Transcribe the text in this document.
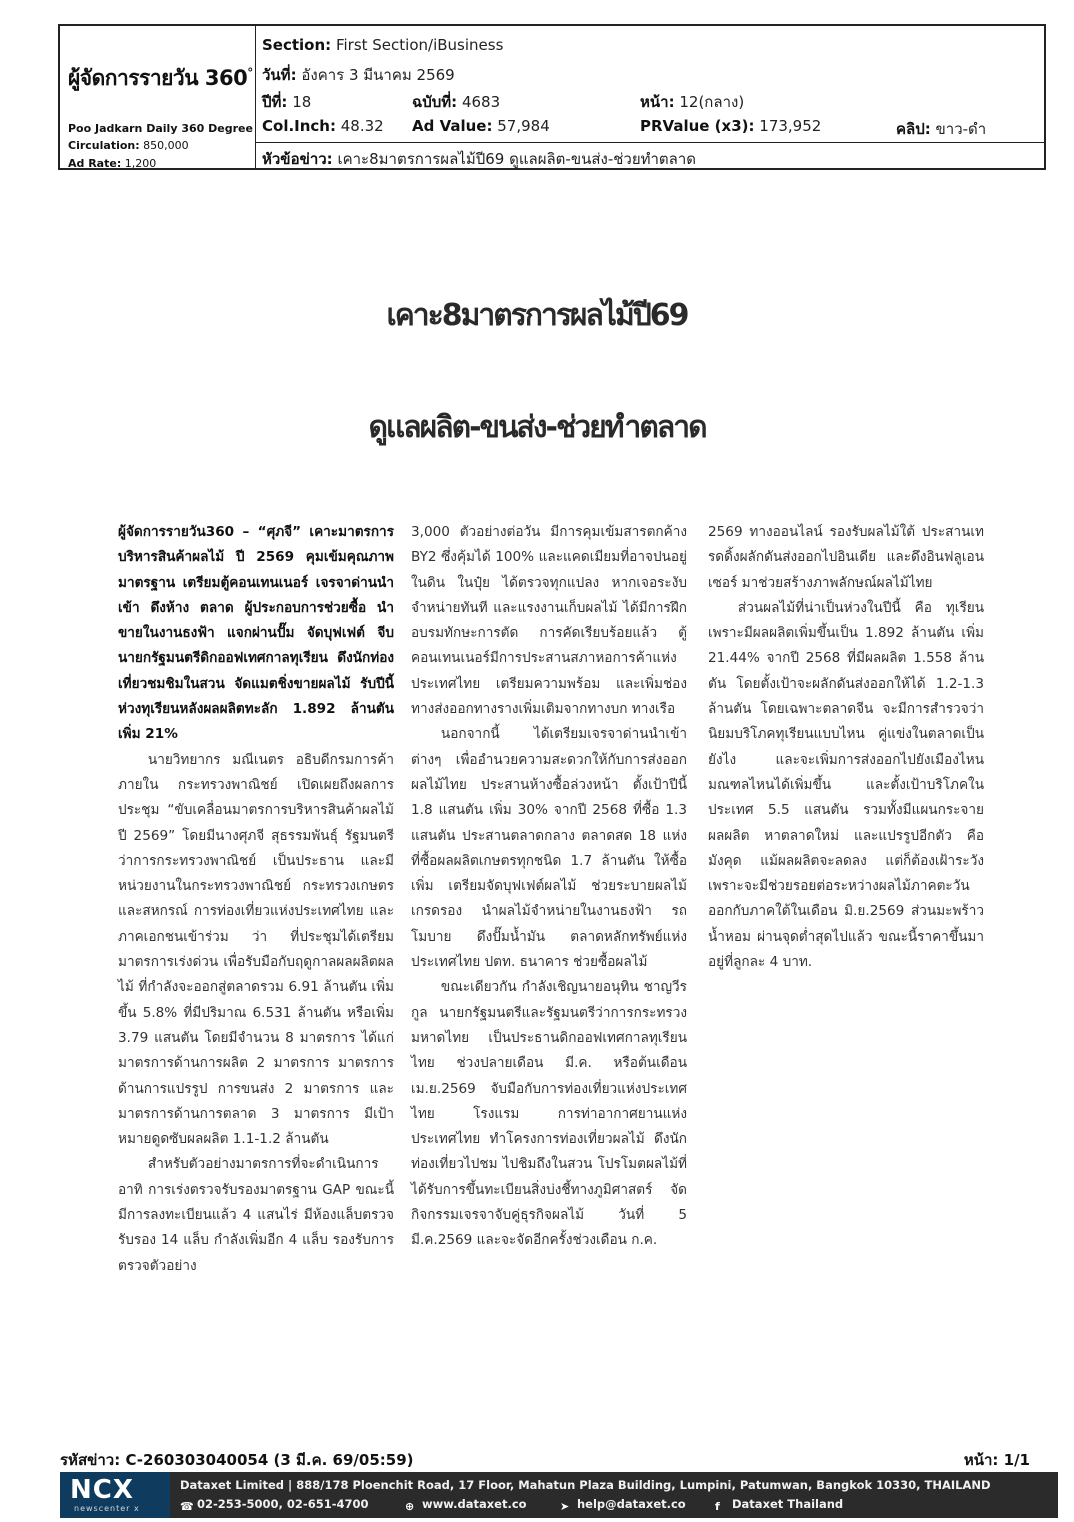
ผู้จัดการรายวัน 360°
Poo Jadkarn Daily 360 Degree
Circulation: 850,000
Ad Rate: 1,200
Section: First Section/iBusiness
วันที่: อังคาร 3 มีนาคม 2569
ปีที่: 18	ฉบับที่: 4683	หน้า: 12(กลาง)
Col.Inch: 48.32 Ad Value: 57,984	PRValue (x3): 173,952	คลิป: ขาว-ดำ
หัวข้อข่าว: เคาะ8มาตรการผลไม้ปี69 ดูแลผลิต-ขนส่ง-ช่วยทำตลาด
เคาะ8มาตรการผลไม้ปี69
ดูแลผลิต-ขนส่ง-ช่วยทำตลาด

ผู้จัดการรายวัน360 – “ศุภจี” เคาะมาตรการบริหารสินค้าผลไม้ ปี 2569 คุมเข้มคุณภาพมาตรฐาน เตรียมตู้คอนเทนเนอร์ เจรจาด่านนำเข้า ดึงห้าง ตลาด ผู้ประกอบการช่วยซื้อ นำขายในงานธงฟ้า แจกผ่านปั๊ม จัดบุฟเฟต์ จีบนายกรัฐมนตรีดิกออฟเทศกาลทุเรียน ดึงนักท่องเที่ยวชมชิมในสวน จัดแมตชิ่งขายผลไม้ รับปีนี้ห่วงทุเรียนหลังผลผลิตทะลัก 1.892 ล้านตัน เพิ่ม 21%

นายวิทยากร มณีเนตร อธิบดีกรมการค้าภายใน กระทรวงพาณิชย์ เปิดเผยถึงผลการประชุม “ขับเคลื่อนมาตรการบริหารสินค้าผลไม้ ปี 2569” โดยมีนางศุภจี สุธรรมพันธุ์ รัฐมนตรีว่าการกระทรวงพาณิชย์ เป็นประธาน และมีหน่วยงานในกระทรวงพาณิชย์ กระทรวงเกษตรและสหกรณ์ การท่องเที่ยวแห่งประเทศไทย และภาคเอกชนเข้าร่วม ว่า ที่ประชุมได้เตรียมมาตรการเร่งด่วน เพื่อรับมือกับฤดูกาลผลผลิตผลไม้ ที่กำลังจะออกสู่ตลาดรวม 6.91 ล้านตัน เพิ่มขึ้น 5.8% ที่มีปริมาณ 6.531 ล้านตัน หรือเพิ่ม 3.79 แสนตัน โดยมีจำนวน 8 มาตรการ ได้แก่ มาตรการด้านการผลิต 2 มาตรการ มาตรการด้านการแปรรูป การขนส่ง 2 มาตรการ และมาตรการด้านการตลาด 3 มาตรการ มีเป้าหมายดูดซับผลผลิต 1.1-1.2 ล้านตัน

สำหรับตัวอย่างมาตรการที่จะดำเนินการ อาทิ การเร่งตรวจรับรองมาตรฐาน GAP ขณะนี้มีการลงทะเบียนแล้ว 4 แสนไร่ มีห้องแล็บตรวจรับรอง 14 แล็บ กำลังเพิ่มอีก 4 แล็บ รองรับการตรวจตัวอย่าง

3,000 ตัวอย่างต่อวัน มีการคุมเข้มสารตกค้าง BY2 ซึ่งคุ้มได้ 100% และแคดเมียมที่อาจปนอยู่ในดิน ในปุ๋ย ได้ตรวจทุกแปลง หากเจอระงับจำหน่ายทันที และแรงงานเก็บผลไม้ ได้มีการฝึกอบรมทักษะการตัด การคัดเรียบร้อยแล้ว ตู้คอนเทนเนอร์มีการประสานสภาหอการค้าแห่งประเทศไทย เตรียมความพร้อม และเพิ่มช่องทางส่งออกทางรางเพิ่มเติมจากทางบก ทางเรือ

นอกจากนี้ ได้เตรียมเจรจาด่านนำเข้าต่างๆ เพื่ออำนวยความสะดวกให้กับการส่งออกผลไม้ไทย ประสานห้างซื้อล่วงหน้า ตั้งเป้าปีนี้ 1.8 แสนตัน เพิ่ม 30% จากปี 2568 ที่ซื้อ 1.3 แสนตัน ประสานตลาดกลาง ตลาดสด 18 แห่ง ที่ซื้อผลผลิตเกษตรทุกชนิด 1.7 ล้านตัน ให้ซื้อเพิ่ม เตรียมจัดบุฟเฟต์ผลไม้ ช่วยระบายผลไม้เกรดรอง นำผลไม้จำหน่ายในงานธงฟ้า รถโมบาย ดึงปั๊มน้ำมัน ตลาดหลักทรัพย์แห่งประเทศไทย ปตท. ธนาคาร ช่วยซื้อผลไม้

ขณะเดียวกัน กำลังเชิญนายอนุทิน ชาญวีรกูล นายกรัฐมนตรีและรัฐมนตรีว่าการกระทรวงมหาดไทย เป็นประธานดิกออฟเทศกาลทุเรียนไทย ช่วงปลายเดือน มี.ค. หรือต้นเดือน เม.ย.2569 จับมือกับการท่องเที่ยวแห่งประเทศ ไทย โรงแรม การท่าอากาศยานแห่งประเทศไทย ทำโครงการท่องเที่ยวผลไม้ ดึงนักท่องเที่ยวไปชม ไปชิมถึงในสวน โปรโมตผลไม้ที่ได้รับการขึ้นทะเบียนสิ่งบ่งชี้ทางภูมิศาสตร์ จัดกิจกรรมเจรจาจับคู่ธุรกิจผลไม้ วันที่ 5 มี.ค.2569 และจะจัดอีกครั้งช่วงเดือน ก.ค.

2569 ทางออนไลน์ รองรับผลไม้ใต้ ประสานเทรดดิ้งผลักดันส่งออกไปอินเดีย และดึงอินฟลูเอนเซอร์ มาช่วยสร้างภาพลักษณ์ผลไม้ไทย

ส่วนผลไม้ที่น่าเป็นห่วงในปีนี้ คือ ทุเรียน เพราะมีผลผลิตเพิ่มขึ้นเป็น 1.892 ล้านตัน เพิ่ม 21.44% จากปี 2568 ที่มีผลผลิต 1.558 ล้านตัน โดยตั้งเป้าจะผลักดันส่งออกให้ได้ 1.2-1.3 ล้านตัน โดยเฉพาะตลาดจีน จะมีการสำรวจว่านิยมบริโภคทุเรียนแบบไหน คู่แข่งในตลาดเป็นยังไง และจะเพิ่มการส่งออกไปยังเมืองไหน มณฑลไหนได้เพิ่มขึ้น และตั้งเป้าบริโภคในประเทศ 5.5 แสนตัน รวมทั้งมีแผนกระจายผลผลิต หาตลาดใหม่ และแปรรูปอีกตัว คือ มังคุด แม้ผลผลิตจะลดลง แต่ก็ต้องเฝ้าระวัง เพราะจะมีช่วยรอยต่อระหว่างผลไม้ภาคตะวันออกกับภาคใต้ในเดือน มิ.ย.2569 ส่วนมะพร้าวน้ำหอม ผ่านจุดต่ำสุดไปแล้ว ขณะนี้ราคาขึ้นมาอยู่ที่ลูกละ 4 บาท.

รหัสข่าว: C-260303040054 (3 มี.ค. 69/05:59)	หน้า: 1/1
NCX
newscenter x
Dataxet Limited | 888/178 Ploenchit Road, 17 Floor, Mahatun Plaza Building, Lumpini, Patumwan, Bangkok 10330, THAILAND
☎ 02-253-5000, 02-651-4700	⊕ www.dataxet.co	➤ help@dataxet.co	f Dataxet Thailand
